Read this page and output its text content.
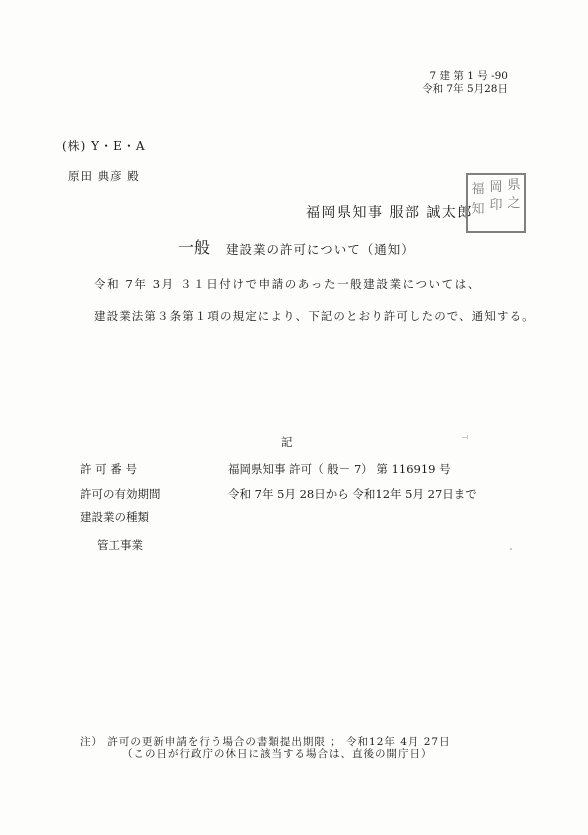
7 建 第 1 号 -90
令和 7年 5月28日
(株) Y・E・A
原田 典彦 殿
福岡県知事 服部 誠太郎
県
之
岡
印
福
知
一般 建設業の許可について（通知）
令和 7年 3月 ３１日付けで申請のあった一般建設業については、
建設業法第３条第１項の規定により、下記のとおり許可したので、通知する。
記
許 可 番 号	福岡県知事 許可（ 般－ 7） 第 116919 号
許可の有効期間	令和 7年 5月 28日から 令和12年 5月 27日まで
建設業の種類
管工事業
注） 許可の更新申請を行う場合の書類提出期限 ； 令和12年 4月 27日
（この日が行政庁の休日に該当する場合は、直後の開庁日）
